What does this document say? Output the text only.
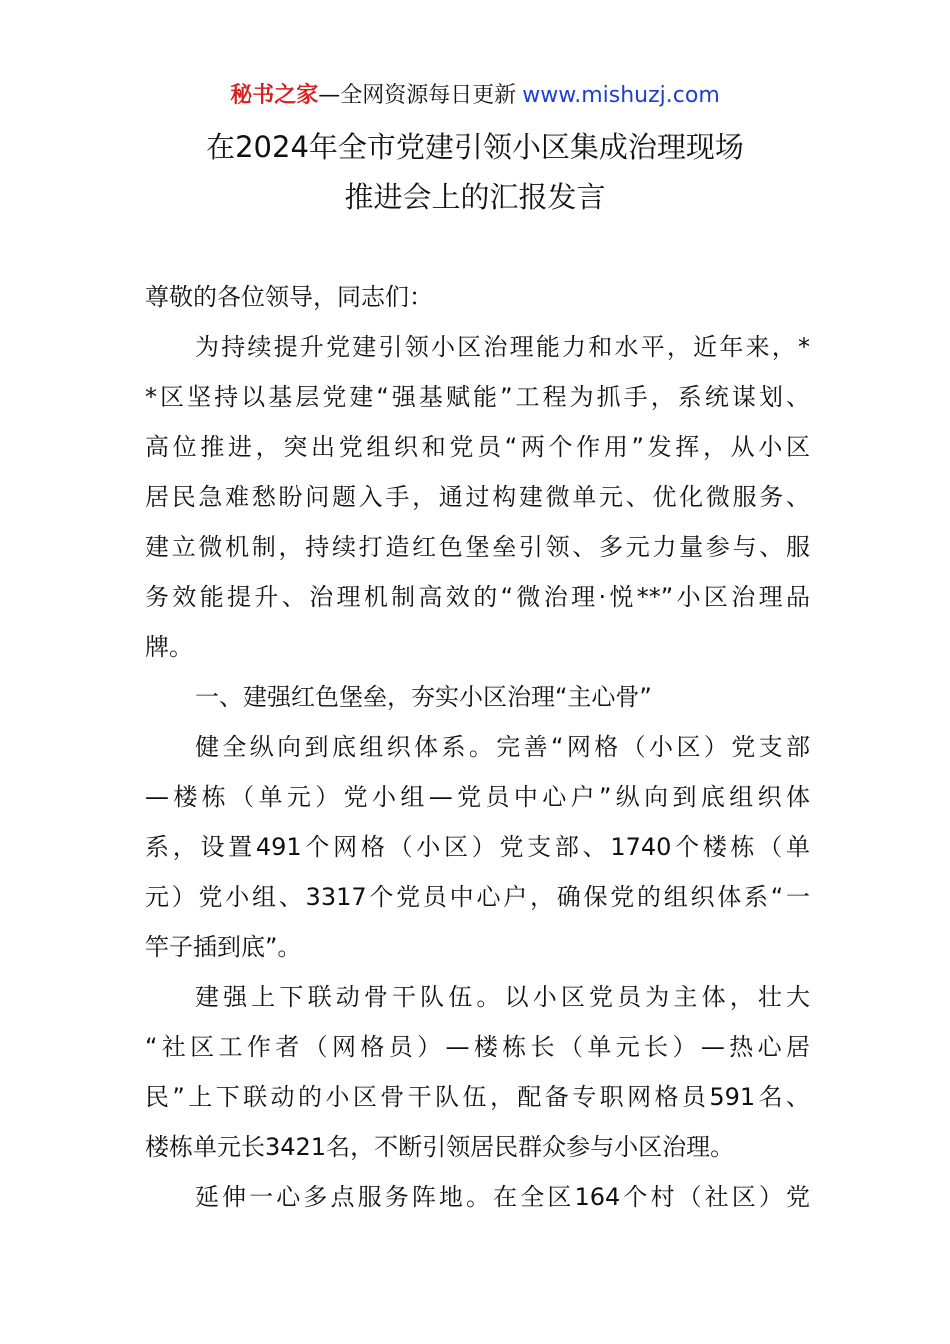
秘书之家—全网资源每日更新 www.mishuzj.com
在2024年全市党建引领小区集成治理现场
推进会上的汇报发言
尊敬的各位领导，同志们：
为持续提升党建引领小区治理能力和水平，近年来，*
*区坚持以基层党建“强基赋能”工程为抓手，系统谋划、
高位推进，突出党组织和党员“两个作用”发挥，从小区
居民急难愁盼问题入手，通过构建微单元、优化微服务、
建立微机制，持续打造红色堡垒引领、多元力量参与、服
务效能提升、治理机制高效的“微治理·悦**”小区治理品
牌。
一、建强红色堡垒，夯实小区治理“主心骨”
健全纵向到底组织体系。完善“网格（小区）党支部
—楼栋（单元）党小组—党员中心户”纵向到底组织体
系，设置491个网格（小区）党支部、1740个楼栋（单
元）党小组、3317个党员中心户，确保党的组织体系“一
竿子插到底”。
建强上下联动骨干队伍。以小区党员为主体，壮大
“社区工作者（网格员）—楼栋长（单元长）—热心居
民”上下联动的小区骨干队伍，配备专职网格员591名、
楼栋单元长3421名，不断引领居民群众参与小区治理。
延伸一心多点服务阵地。在全区164个村（社区）党
